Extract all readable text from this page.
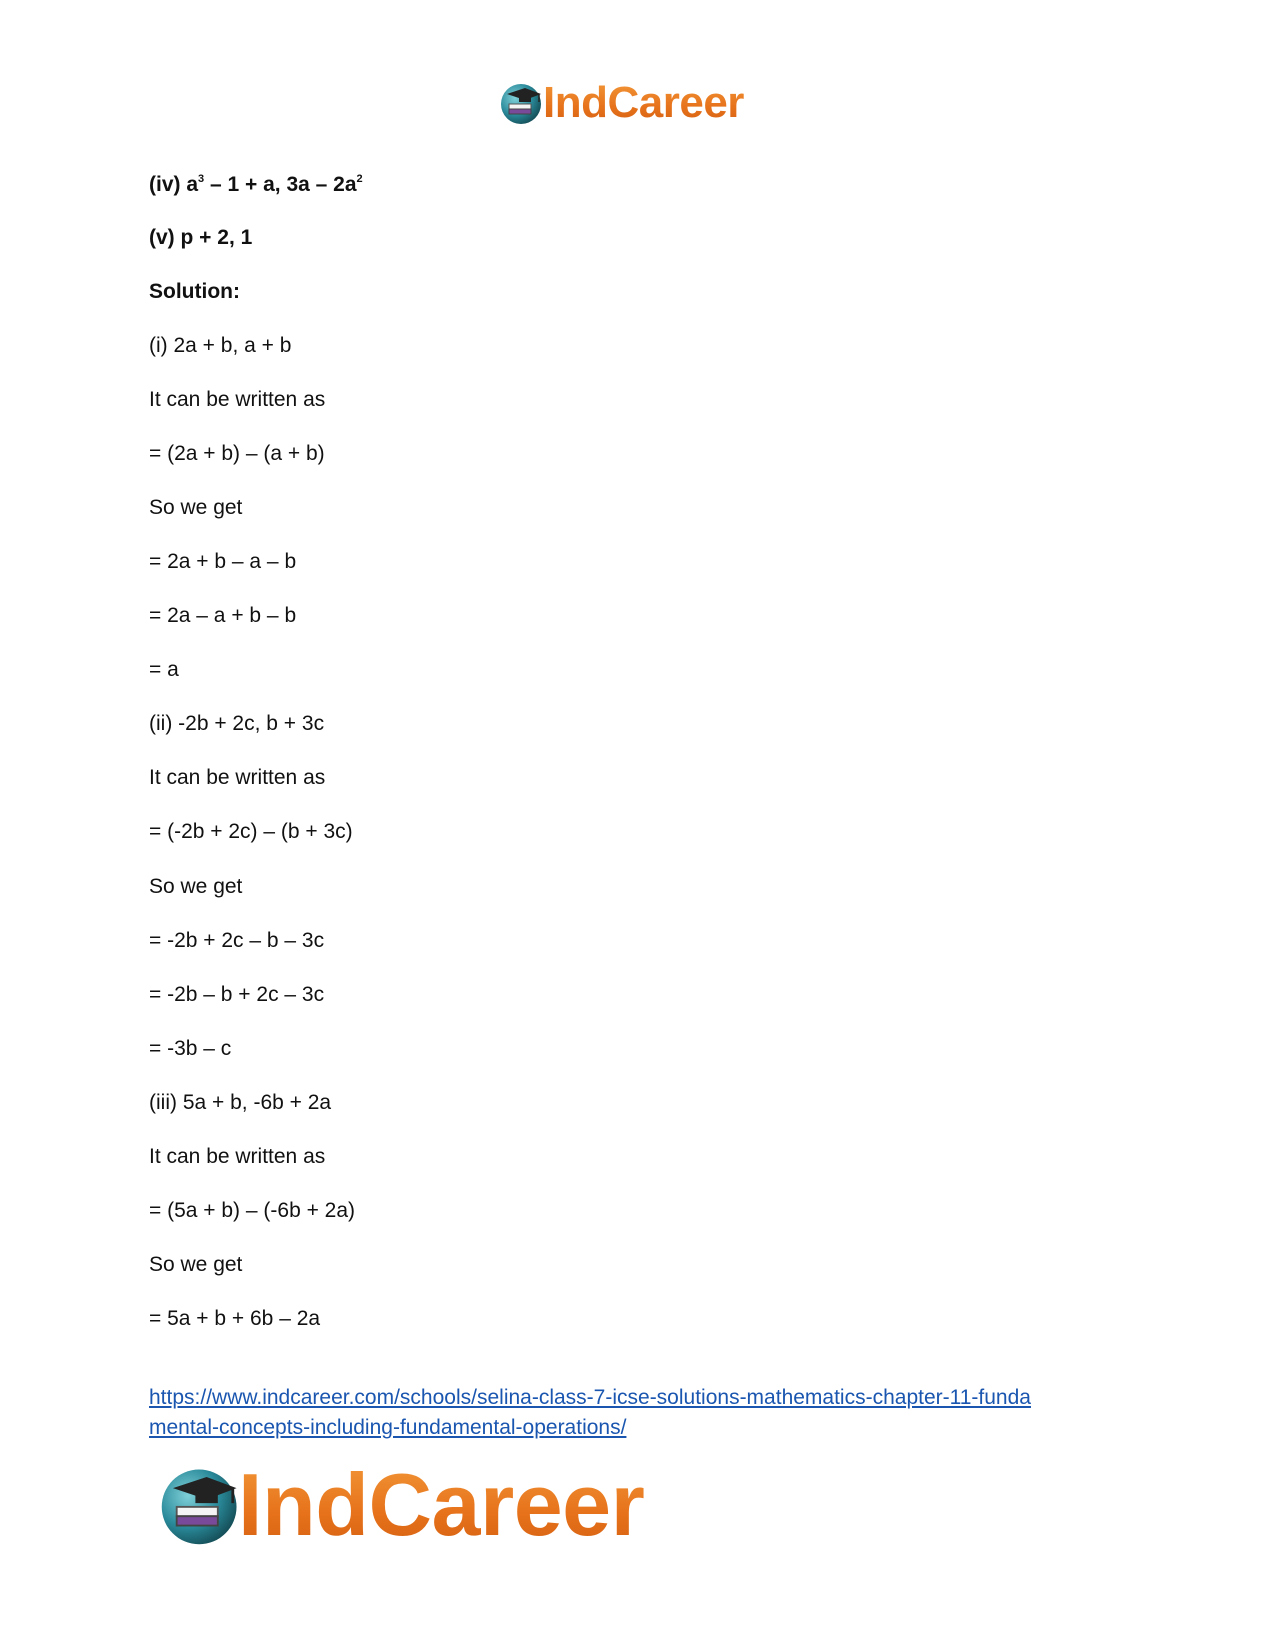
IndCareer
(iv) $a^3 - 1 + a$, $3a - 2a^2$
(v) p + 2, 1
Solution:
(i) 2a + b, a + b
It can be written as
= (2a + b) – (a + b)
So we get
= 2a + b – a – b
= 2a – a + b – b
= a
(ii) -2b + 2c, b + 3c
It can be written as
= (-2b + 2c) – (b + 3c)
So we get
= -2b + 2c – b – 3c
= -2b – b + 2c – 3c
= -3b – c
(iii) 5a + b, -6b + 2a
It can be written as
= (5a + b) – (-6b + 2a)
So we get
= 5a + b + 6b – 2a
https://www.indcareer.com/schools/selina-class-7-icse-solutions-mathematics-chapter-11-funda
mental-concepts-including-fundamental-operations/
IndCareer
